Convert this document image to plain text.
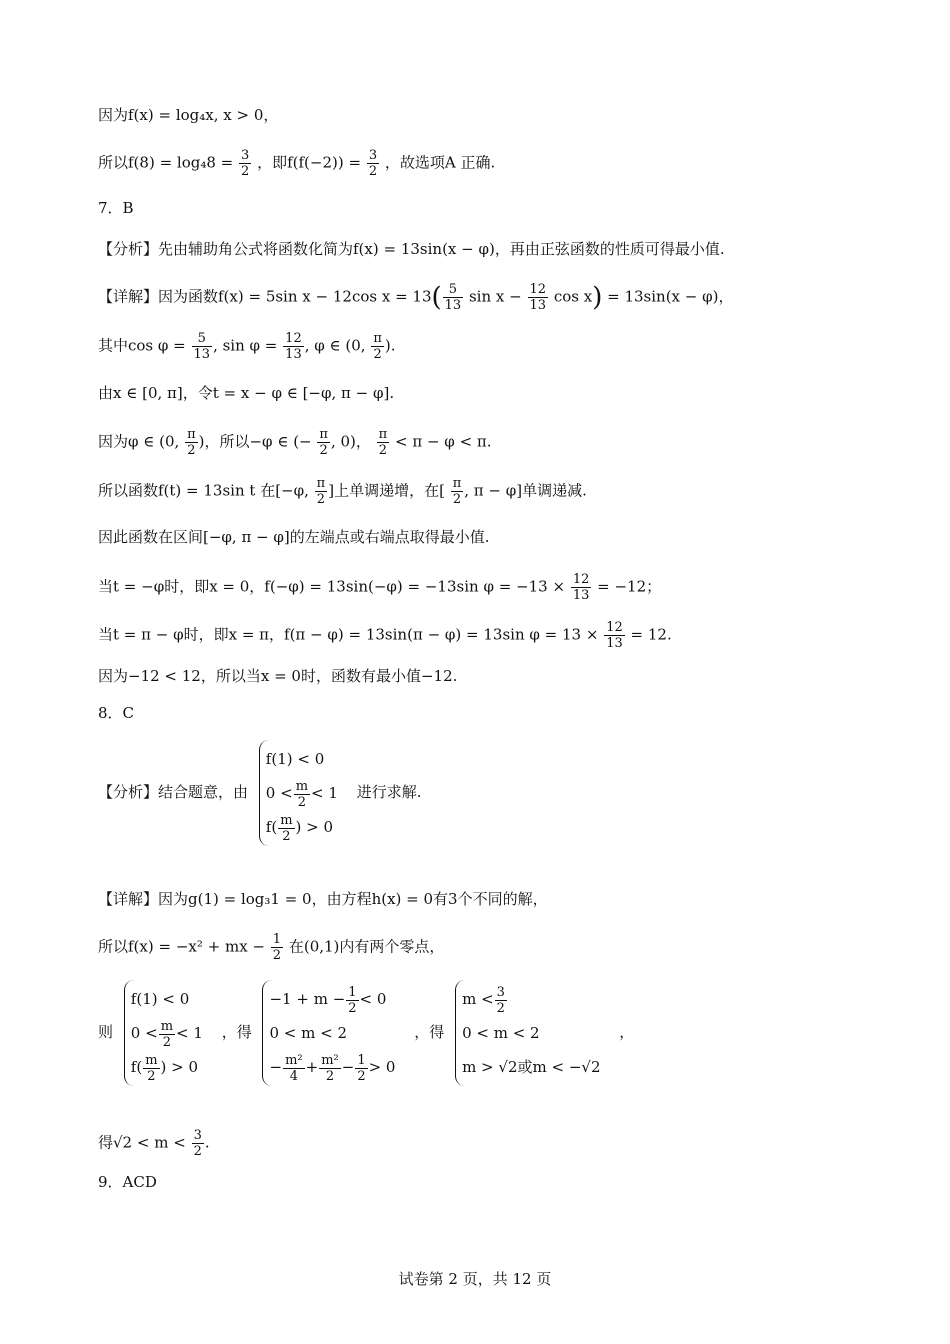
因为f(x) = log₄x, x > 0，
所以$f(8) = \log_48 = \frac{3}{2}$ ，即$f(f(-2)) = \frac{3}{2}$ ，故选项A 正确.
7．B
【分析】先由辅助角公式将函数化简为f(x) = 13sin(x − φ)，再由正弦函数的性质可得最小值.
【详解】因为函数f(x) = 5sin x − 12cos $x = 13( \frac{5}{13}$ $\sin x - \frac{12}{13}$ cos x) = 13sin(x − φ)，
其中$\cos \varphi = \frac{5}{13}$ , $\sin \varphi = \frac{12}{13}$ , φ ∈ (0, $\frac{\pi}{2}$ ).
由x ∈ [0, π]，令t = x − φ ∈ [−φ, π − φ].
因为φ ∈ (0, $\frac{\pi}{2}$ )，所以−φ ∈ (− $\frac{\pi}{2}$ , 0)， $\frac{\pi}{2} < \pi - \varphi < \pi$.
所以函数f(t) = 13sin t 在[−φ, $\frac{\pi}{2}$ ]上单调递增，在[ $\frac{\pi}{2}$ , π − φ]单调递减.
因此函数在区间[−φ, π − φ]的左端点或右端点取得最小值.
当t = −φ时，即x = 0，f(−φ) = 13sin(−φ) = −13sin $\varphi = -13 \times \frac{12}{13} = -12$；
当t = π − φ时，即x = π，f(π − φ) = 13sin(π − φ) = 13sin $\varphi = 13 \times \frac{12}{13} = 12$.
因为−12 < 12，所以当x = 0时，函数有最小值−12.
8．C
【分析】结合题意，由
f(1) < 0
$0 < \frac{m}{2} < 1$
$f( \frac{m}{2}$ ) > 0
进行求解.
【详解】因为g(1) = log₃1 = 0，由方程h(x) = 0有3个不同的解，
所以f(x) = −x² + mx − $\frac{1}{2}$ 在(0,1)内有两个零点，
则
f(1) < 0
$0 < \frac{m}{2} < 1$
$f( \frac{m}{2}$ ) > 0
，得
$-1 + m - \frac{1}{2} < 0$
0 < m < 2
− $\frac{\text{m²}}{4} + \frac{\text{m²}}{2} - \frac{1}{2} > 0$
，得
$m < \frac{3}{2}$
0 < m < 2
m > √2或m < −√2
，
得$√2 < m < \frac{3}{2}$ .
9．ACD
试卷第 2 页，共 12 页
